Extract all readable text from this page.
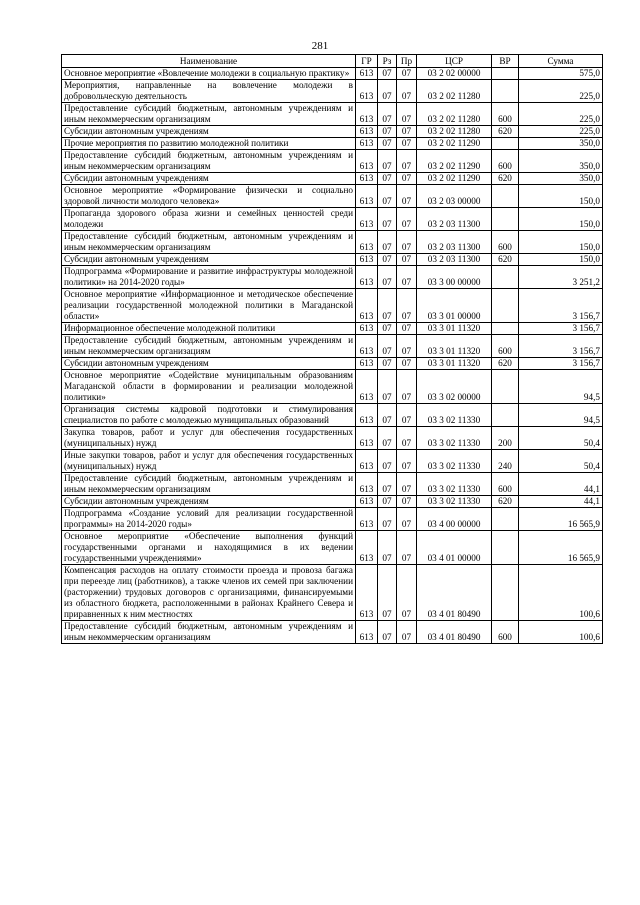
281
Наименование	ГР	Рз	Пр	ЦСР	ВР	Сумма
Основное мероприятие «Вовлечение молодежи в социальную практику»	613	07	07	03 2 02 00000		575,0
Мероприятия, направленные на вовлечение молодежи в добровольческую деятельность	613	07	07	03 2 02 11280		225,0
Предоставление субсидий бюджетным, автономным учреждениям и иным некоммерческим организациям	613	07	07	03 2 02 11280	600	225,0
Субсидии автономным учреждениям	613	07	07	03 2 02 11280	620	225,0
Прочие мероприятия по развитию молодежной политики	613	07	07	03 2 02 11290		350,0
Предоставление субсидий бюджетным, автономным учреждениям и иным некоммерческим организациям	613	07	07	03 2 02 11290	600	350,0
Субсидии автономным учреждениям	613	07	07	03 2 02 11290	620	350,0
Основное мероприятие «Формирование физически и социально здоровой личности молодого человека»	613	07	07	03 2 03 00000		150,0
Пропаганда здорового образа жизни и семейных ценностей среди молодежи	613	07	07	03 2 03 11300		150,0
Предоставление субсидий бюджетным, автономным учреждениям и иным некоммерческим организациям	613	07	07	03 2 03 11300	600	150,0
Субсидии автономным учреждениям	613	07	07	03 2 03 11300	620	150,0
Подпрограмма «Формирование и развитие инфраструктуры молодежной политики» на 2014-2020 годы»	613	07	07	03 3 00 00000		3 251,2
Основное мероприятие «Информационное и методическое обеспечение реализации государственной молодежной политики в Магаданской области»	613	07	07	03 3 01 00000		3 156,7
Информационное обеспечение молодежной политики	613	07	07	03 3 01 11320		3 156,7
Предоставление субсидий бюджетным, автономным учреждениям и иным некоммерческим организациям	613	07	07	03 3 01 11320	600	3 156,7
Субсидии автономным учреждениям	613	07	07	03 3 01 11320	620	3 156,7
Основное мероприятие «Содействие муниципальным образованиям Магаданской области в формировании и реализации молодежной политики»	613	07	07	03 3 02 00000		94,5
Организация системы кадровой подготовки и стимулирования специалистов по работе с молодежью муниципальных образований	613	07	07	03 3 02 11330		94,5
Закупка товаров, работ и услуг для обеспечения государственных (муниципальных) нужд	613	07	07	03 3 02 11330	200	50,4
Иные закупки товаров, работ и услуг для обеспечения государственных (муниципальных) нужд	613	07	07	03 3 02 11330	240	50,4
Предоставление субсидий бюджетным, автономным учреждениям и иным некоммерческим организациям	613	07	07	03 3 02 11330	600	44,1
Субсидии автономным учреждениям	613	07	07	03 3 02 11330	620	44,1
Подпрограмма «Создание условий для реализации государственной программы» на 2014-2020 годы»	613	07	07	03 4 00 00000		16 565,9
Основное мероприятие «Обеспечение выполнения функций государственными органами и находящимися в их ведении государственными учреждениями»	613	07	07	03 4 01 00000		16 565,9
Компенсация расходов на оплату стоимости проезда и провоза багажа при переезде лиц (работников), а также членов их семей при заключении (расторжении) трудовых договоров с организациями, финансируемыми из областного бюджета, расположенными в районах Крайнего Севера и приравненных к ним местностях	613	07	07	03 4 01 80490		100,6
Предоставление субсидий бюджетным, автономным учреждениям и иным некоммерческим организациям	613	07	07	03 4 01 80490	600	100,6
